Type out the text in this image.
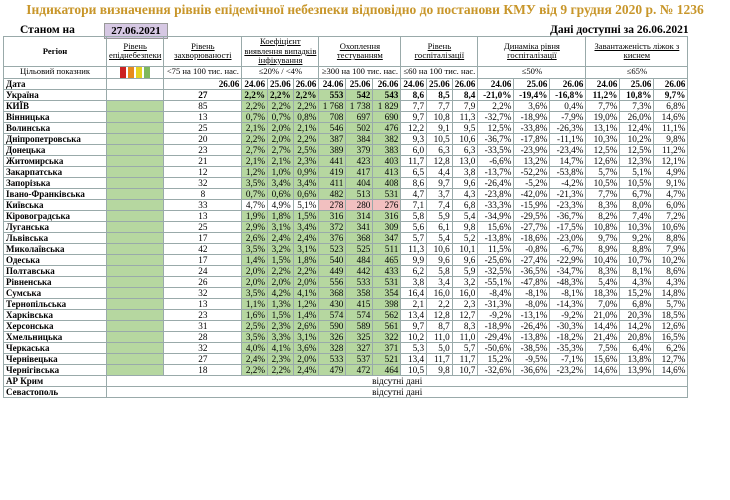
Індикатори визначення рівнів епідемічної небезпеки відповідно до постанови КМУ від 9 грудня 2020 р. № 1236
Станом на	27.06.2021	Дані доступні за 26.06.2021
Регіон	Рівень епіднебезпеки	Рівень захворюваності	Коефіцієнт виявлення випадків інфікування			Охоплення тестуванням			Рівень госпіталізації			Динаміка рівня госпіталізації			Завантаженість ліжок з киснем		
Цільовий показник		<75 на 100 тис. нас.	≤20% / <4%			≥300 на 100 тис. нас.			≤60 на 100 тис. нас.			≤50%			≤65%		
Дата		26.06	24.06	25.06	26.06	24.06	25.06	26.06	24.06	25.06	26.06	24.06	25.06	26.06	24.06	25.06	26.06
Україна		27	2,2%	2,2%	2,2%	553	542	543	8,6	8,5	8,4	-21,0%	-19,4%	-16,8%	11,2%	10,8%	9,7%
КИЇВ		85	2,2%	2,2%	2,2%	1 768	1 738	1 829	7,7	7,7	7,9	2,2%	3,6%	0,4%	7,7%	7,3%	6,8%
Вінницька		13	0,7%	0,7%	0,8%	708	697	690	9,7	10,8	11,3	-32,7%	-18,9%	-7,9%	19,0%	26,0%	14,6%
Волинська		25	2,1%	2,0%	2,1%	546	502	476	12,2	9,1	9,5	12,5%	-33,8%	-26,3%	13,1%	12,4%	11,1%
Дніпропетровська		20	2,2%	2,0%	2,2%	387	384	382	9,3	10,5	10,6	-36,7%	-17,8%	-11,1%	10,3%	10,2%	9,8%
Донецька		23	2,7%	2,7%	2,5%	389	379	383	6,0	6,3	6,3	-33,5%	-23,9%	-23,4%	12,5%	12,5%	11,2%
Житомирська		21	2,1%	2,1%	2,3%	441	423	403	11,7	12,8	13,0	-6,6%	13,2%	14,7%	12,6%	12,3%	12,1%
Закарпатська		12	1,2%	1,0%	0,9%	419	417	413	6,5	4,4	3,8	-13,7%	-52,2%	-53,8%	5,7%	5,1%	4,9%
Запорізька		32	3,5%	3,4%	3,4%	411	404	408	8,6	9,7	9,6	-26,4%	-5,2%	-4,2%	10,5%	10,5%	9,1%
Івано-Франківська		8	0,7%	0,6%	0,6%	482	513	531	4,7	3,7	4,3	-23,8%	-42,0%	-21,3%	7,7%	6,7%	4,7%
Київська		33	4,7%	4,9%	5,1%	278	280	276	7,1	7,4	6,8	-33,3%	-15,9%	-23,3%	8,3%	8,0%	6,0%
Кіровоградська		13	1,9%	1,8%	1,5%	316	314	316	5,8	5,9	5,4	-34,9%	-29,5%	-36,7%	8,2%	7,4%	7,2%
Луганська		25	2,9%	3,1%	3,4%	372	341	309	5,6	6,1	9,8	15,6%	-27,7%	-17,5%	10,8%	10,3%	10,6%
Львівська		17	2,6%	2,4%	2,4%	376	368	347	5,7	5,4	5,2	-13,8%	-18,6%	-23,0%	9,7%	9,2%	8,8%
Миколаївська		42	3,5%	3,2%	3,1%	523	525	511	11,3	10,6	10,1	11,5%	-0,8%	-6,7%	8,9%	8,8%	7,9%
Одеська		17	1,4%	1,5%	1,8%	540	484	465	9,9	9,6	9,6	-25,6%	-27,4%	-22,9%	10,4%	10,7%	10,2%
Полтавська		24	2,0%	2,2%	2,2%	449	442	433	6,2	5,8	5,9	-32,5%	-36,5%	-34,7%	8,3%	8,1%	8,6%
Рівненська		26	2,0%	2,0%	2,0%	556	533	531	3,8	3,4	3,2	-55,1%	-47,8%	-48,3%	5,4%	4,3%	4,3%
Сумська		32	3,5%	4,2%	4,1%	368	358	354	16,4	16,0	16,0	-8,4%	-8,1%	-8,1%	18,3%	15,2%	14,8%
Тернопільська		13	1,1%	1,3%	1,2%	430	415	398	2,1	2,2	2,3	-31,3%	-8,0%	-14,3%	7,0%	6,8%	5,7%
Харківська		23	1,6%	1,5%	1,4%	574	574	562	13,4	12,8	12,7	-9,2%	-13,1%	-9,2%	21,0%	20,3%	18,5%
Херсонська		31	2,5%	2,3%	2,6%	590	589	561	9,7	8,7	8,3	-18,9%	-26,4%	-30,3%	14,4%	14,2%	12,6%
Хмельницька		28	3,5%	3,3%	3,1%	326	325	322	10,2	11,0	11,0	-29,4%	-13,8%	-18,2%	21,4%	20,8%	16,5%
Черкаська		32	4,0%	4,1%	3,6%	328	327	371	5,3	5,0	5,7	-50,6%	-38,5%	-35,3%	7,5%	6,4%	6,2%
Чернівецька		27	2,4%	2,3%	2,0%	533	537	521	13,4	11,7	11,7	15,2%	-9,5%	-7,1%	15,6%	13,8%	12,7%
Чернігівська		18	2,2%	2,2%	2,4%	479	472	464	10,5	9,8	10,7	-32,6%	-36,6%	-23,2%	14,6%	13,9%	14,6%
АР Крим	відсутні дані																
Севастополь	відсутні дані																
